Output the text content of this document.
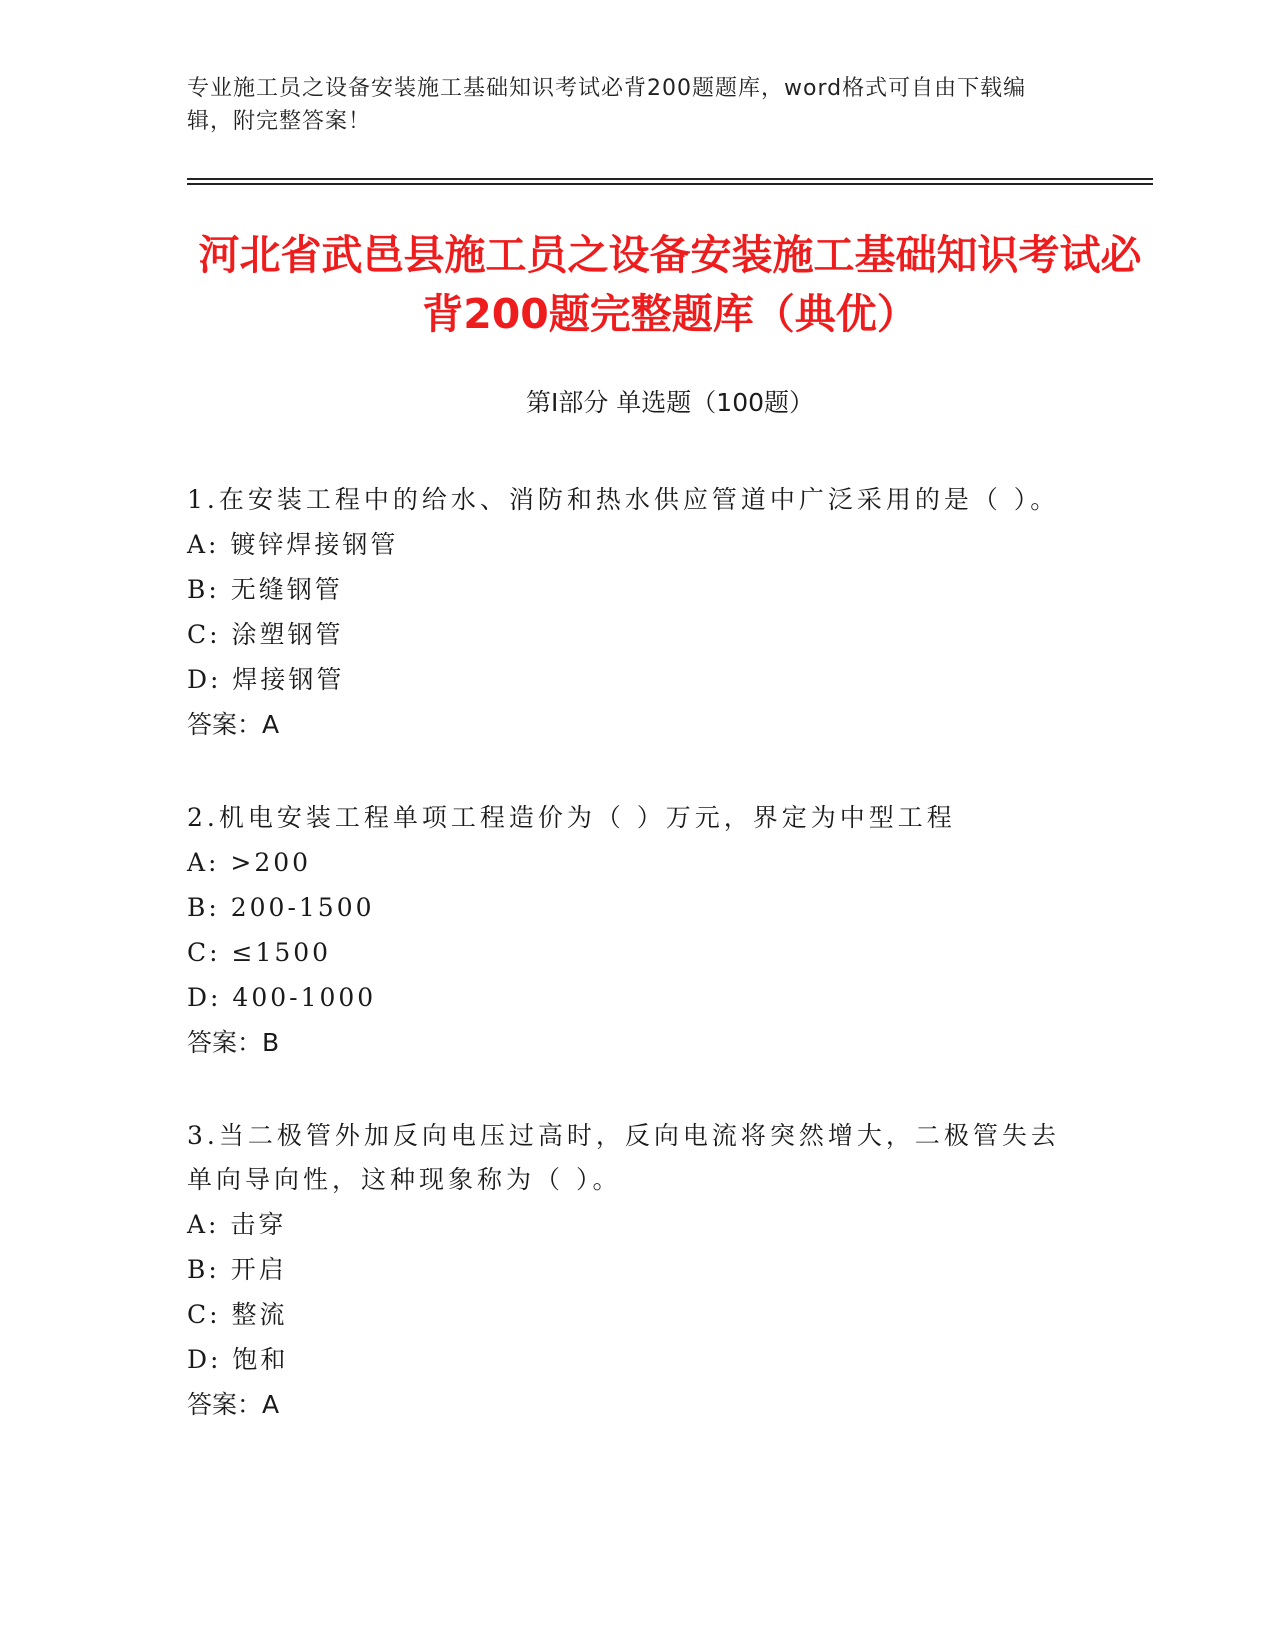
专业施工员之设备安装施工基础知识考试必背200题题库，word格式可自由下载编辑，附完整答案！
河北省武邑县施工员之设备安装施工基础知识考试必背200题完整题库（典优）
第I部分 单选题（100题）

1.在安装工程中的给水、消防和热水供应管道中广泛采用的是（ ）。

A: 镀锌焊接钢管
B: 无缝钢管
C: 涂塑钢管
D: 焊接钢管
答案：A

2.机电安装工程单项工程造价为（ ）万元，界定为中型工程

A: >200
B: 200-1500
C: ≤1500
D: 400-1000
答案：B

3.当二极管外加反向电压过高时，反向电流将突然增大，二极管失去单向导向性，这种现象称为（ ）。

A: 击穿
B: 开启
C: 整流
D: 饱和
答案：A
